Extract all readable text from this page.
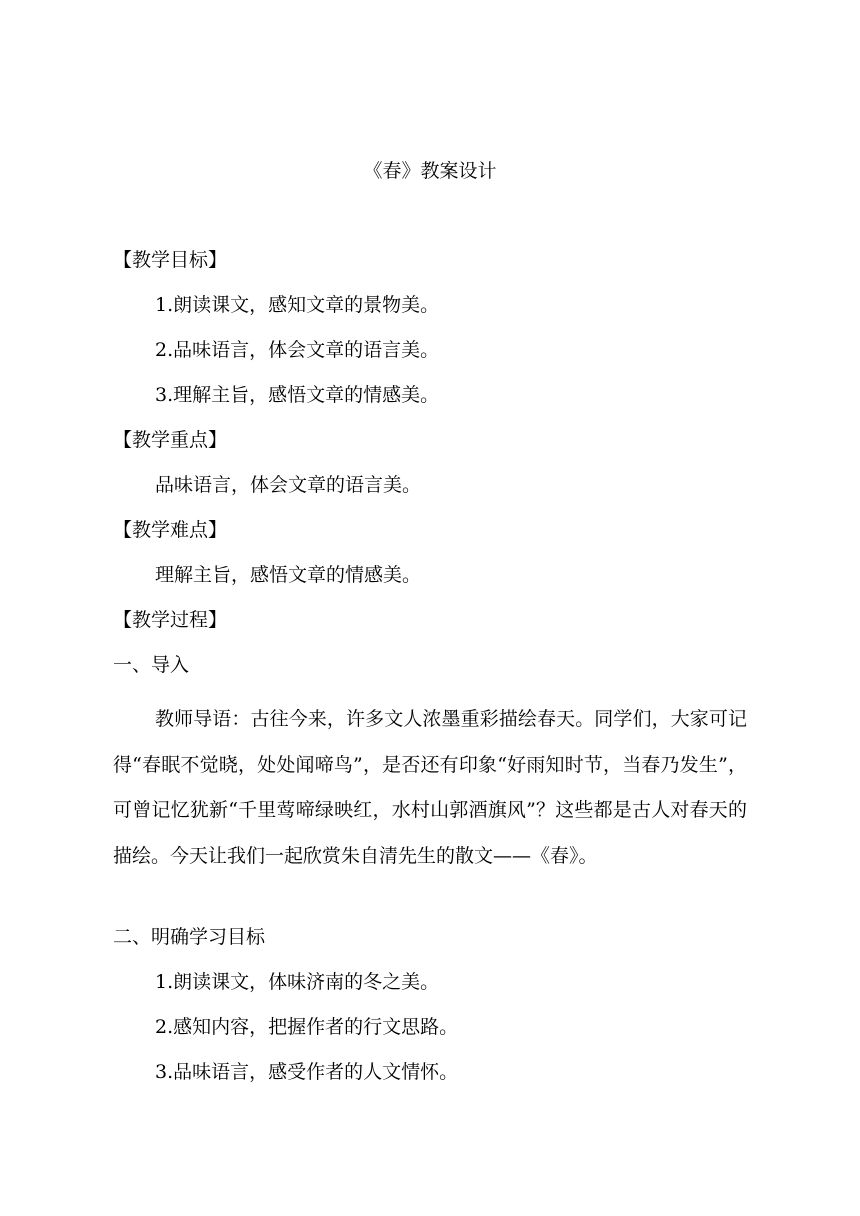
《春》教案设计
【教学目标】
1.朗读课文，感知文章的景物美。
2.品味语言，体会文章的语言美。
3.理解主旨，感悟文章的情感美。
【教学重点】
品味语言，体会文章的语言美。
【教学难点】
理解主旨，感悟文章的情感美。
【教学过程】
一、导入
教师导语：古往今来，许多文人浓墨重彩描绘春天。同学们，大家可记得“春眠不觉晓，处处闻啼鸟”，是否还有印象“好雨知时节，当春乃发生”，可曾记忆犹新“千里莺啼绿映红，水村山郭酒旗风”？这些都是古人对春天的描绘。今天让我们一起欣赏朱自清先生的散文——《春》。
二、明确学习目标
1.朗读课文，体味济南的冬之美。
2.感知内容，把握作者的行文思路。
3.品味语言，感受作者的人文情怀。
